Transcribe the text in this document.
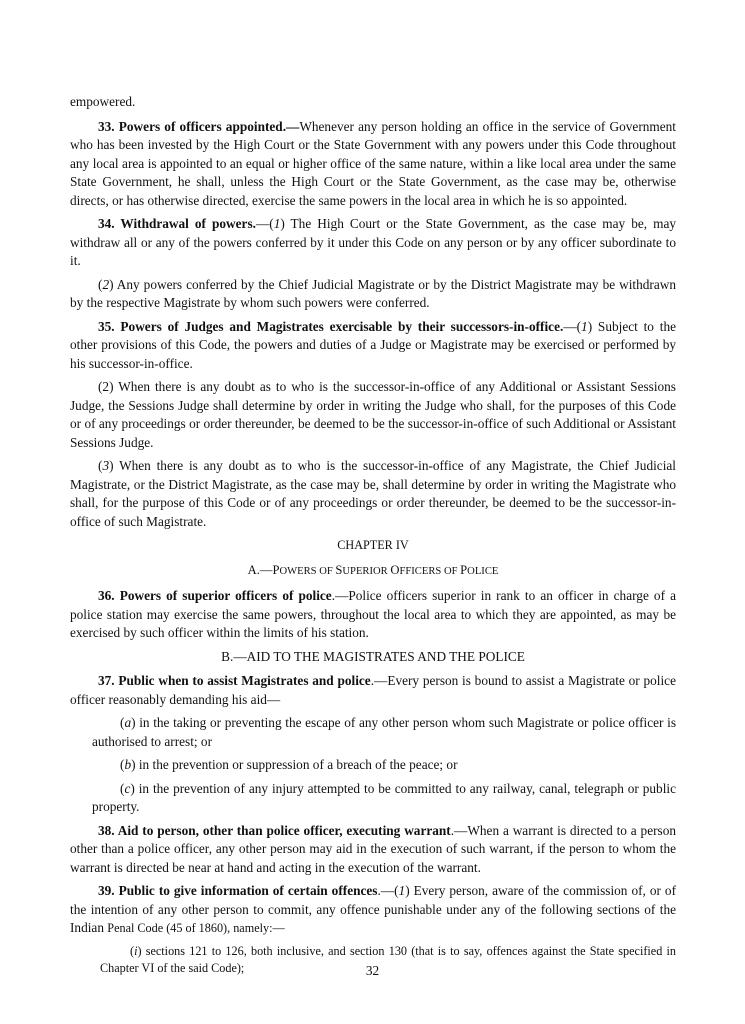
empowered.

33. Powers of officers appointed.—Whenever any person holding an office in the service of Government who has been invested by the High Court or the State Government with any powers under this Code throughout any local area is appointed to an equal or higher office of the same nature, within a like local area under the same State Government, he shall, unless the High Court or the State Government, as the case may be, otherwise directs, or has otherwise directed, exercise the same powers in the local area in which he is so appointed.

34. Withdrawal of powers.—(1) The High Court or the State Government, as the case may be, may withdraw all or any of the powers conferred by it under this Code on any person or by any officer subordinate to it.

(2) Any powers conferred by the Chief Judicial Magistrate or by the District Magistrate may be withdrawn by the respective Magistrate by whom such powers were conferred.

35. Powers of Judges and Magistrates exercisable by their successors-in-office.—(1) Subject to the other provisions of this Code, the powers and duties of a Judge or Magistrate may be exercised or performed by his successor-in-office.

(2) When there is any doubt as to who is the successor-in-office of any Additional or Assistant Sessions Judge, the Sessions Judge shall determine by order in writing the Judge who shall, for the purposes of this Code or of any proceedings or order thereunder, be deemed to be the successor-in-office of such Additional or Assistant Sessions Judge.

(3) When there is any doubt as to who is the successor-in-office of any Magistrate, the Chief Judicial Magistrate, or the District Magistrate, as the case may be, shall determine by order in writing the Magistrate who shall, for the purpose of this Code or of any proceedings or order thereunder, be deemed to be the successor-in-office of such Magistrate.

CHAPTER IV

A.—POWERS OF SUPERIOR OFFICERS OF POLICE

36. Powers of superior officers of police.—Police officers superior in rank to an officer in charge of a police station may exercise the same powers, throughout the local area to which they are appointed, as may be exercised by such officer within the limits of his station.

B.—AID TO THE MAGISTRATES AND THE POLICE

37. Public when to assist Magistrates and police.—Every person is bound to assist a Magistrate or police officer reasonably demanding his aid—

(a) in the taking or preventing the escape of any other person whom such Magistrate or police officer is authorised to arrest; or

(b) in the prevention or suppression of a breach of the peace; or

(c) in the prevention of any injury attempted to be committed to any railway, canal, telegraph or public property.

38. Aid to person, other than police officer, executing warrant.—When a warrant is directed to a person other than a police officer, any other person may aid in the execution of such warrant, if the person to whom the warrant is directed be near at hand and acting in the execution of the warrant.

39. Public to give information of certain offences.—(1) Every person, aware of the commission of, or of the intention of any other person to commit, any offence punishable under any of the following sections of the Indian Penal Code (45 of 1860), namely:—

(i) sections 121 to 126, both inclusive, and section 130 (that is to say, offences against the State specified in Chapter VI of the said Code);	32
